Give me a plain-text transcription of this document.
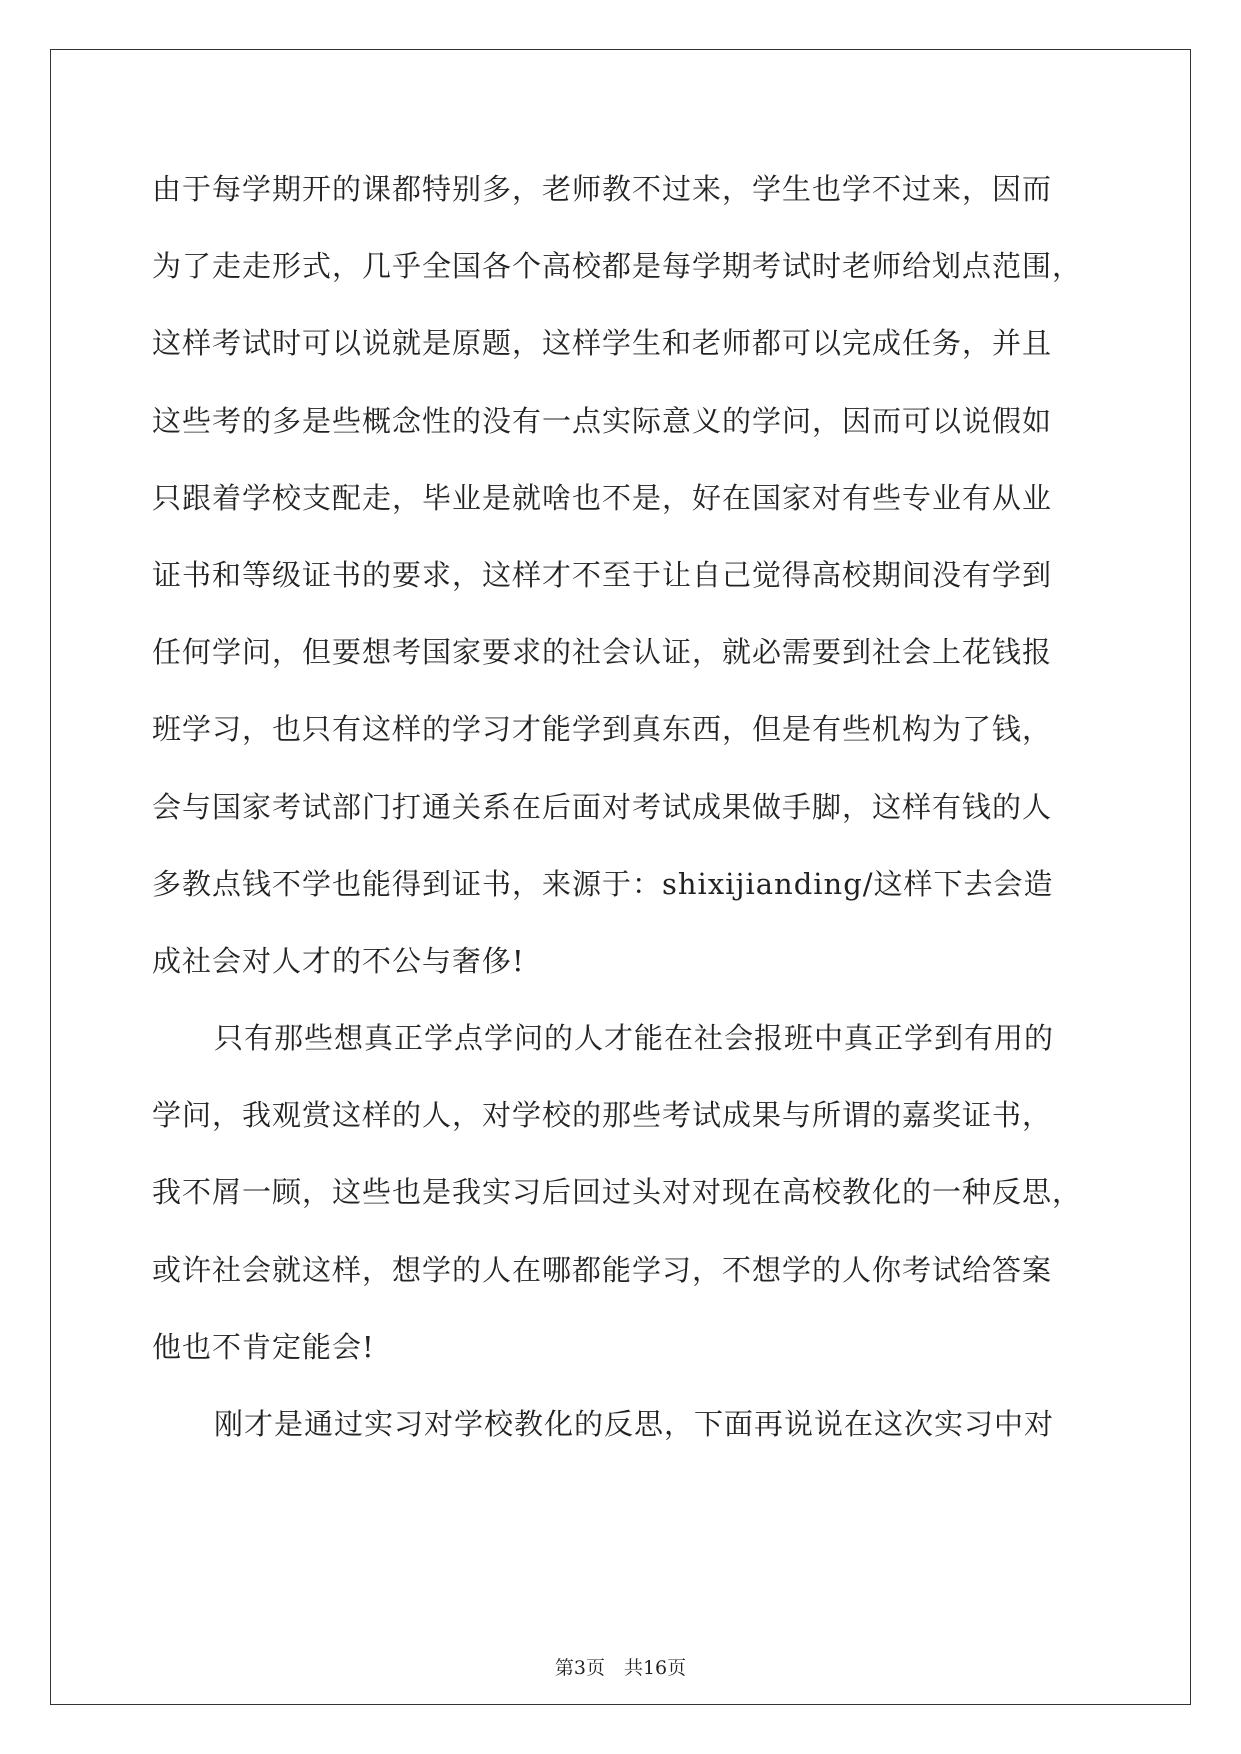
由于每学期开的课都特别多，老师教不过来，学生也学不过来，因而
为了走走形式，几乎全国各个高校都是每学期考试时老师给划点范围，
这样考试时可以说就是原题，这样学生和老师都可以完成任务，并且
这些考的多是些概念性的没有一点实际意义的学问，因而可以说假如
只跟着学校支配走，毕业是就啥也不是，好在国家对有些专业有从业
证书和等级证书的要求，这样才不至于让自己觉得高校期间没有学到
任何学问，但要想考国家要求的社会认证，就必需要到社会上花钱报
班学习，也只有这样的学习才能学到真东西，但是有些机构为了钱，
会与国家考试部门打通关系在后面对考试成果做手脚，这样有钱的人
多教点钱不学也能得到证书，来源于：shixijianding/这样下去会造
成社会对人才的不公与奢侈!
只有那些想真正学点学问的人才能在社会报班中真正学到有用的
学问，我观赏这样的人，对学校的那些考试成果与所谓的嘉奖证书，
我不屑一顾，这些也是我实习后回过头对对现在高校教化的一种反思，
或许社会就这样，想学的人在哪都能学习，不想学的人你考试给答案
他也不肯定能会!
刚才是通过实习对学校教化的反思，下面再说说在这次实习中对
第3页　共16页
